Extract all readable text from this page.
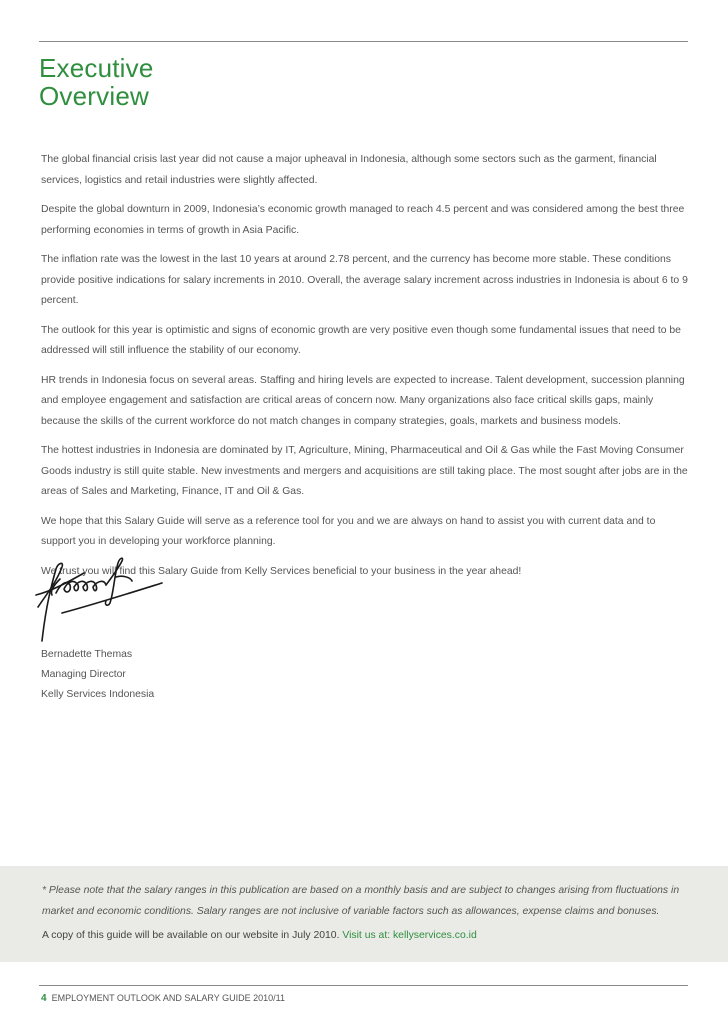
Executive
Overview

The global financial crisis last year did not cause a major upheaval in Indonesia, although some sectors such as the garment, financial services, logistics and retail industries were slightly affected.

Despite the global downturn in 2009, Indonesia’s economic growth managed to reach 4.5 percent and was considered among the best three performing economies in terms of growth in Asia Pacific.

The inflation rate was the lowest in the last 10 years at around 2.78 percent, and the currency has become more stable. These conditions provide positive indications for salary increments in 2010. Overall, the average salary increment across industries in Indonesia is about 6 to 9 percent.

The outlook for this year is optimistic and signs of economic growth are very positive even though some fundamental issues that need to be addressed will still influence the stability of our economy.

HR trends in Indonesia focus on several areas. Staffing and hiring levels are expected to increase. Talent development, succession planning and employee engagement and satisfaction are critical areas of concern now. Many organizations also face critical skills gaps, mainly because the skills of the current workforce do not match changes in company strategies, goals, markets and business models.

The hottest industries in Indonesia are dominated by IT, Agriculture, Mining, Pharmaceutical and Oil & Gas while the Fast Moving Consumer Goods industry is still quite stable. New investments and mergers and acquisitions are still taking place. The most sought after jobs are in the areas of Sales and Marketing, Finance, IT and Oil & Gas.

We hope that this Salary Guide will serve as a reference tool for you and we are always on hand to assist you with current data and to support you in developing your workforce planning.

We trust you will find this Salary Guide from Kelly Services beneficial to your business in the year ahead!

Bernadette Themas
Managing Director
Kelly Services Indonesia

* Please note that the salary ranges in this publication are based on a monthly basis and are subject to changes arising from fluctuations in market and economic conditions. Salary ranges are not inclusive of variable factors such as allowances, expense claims and bonuses.

A copy of this guide will be available on our website in July 2010. Visit us at: kellyservices.co.id

4 EMPLOYMENT OUTLOOK AND SALARY GUIDE 2010/11
